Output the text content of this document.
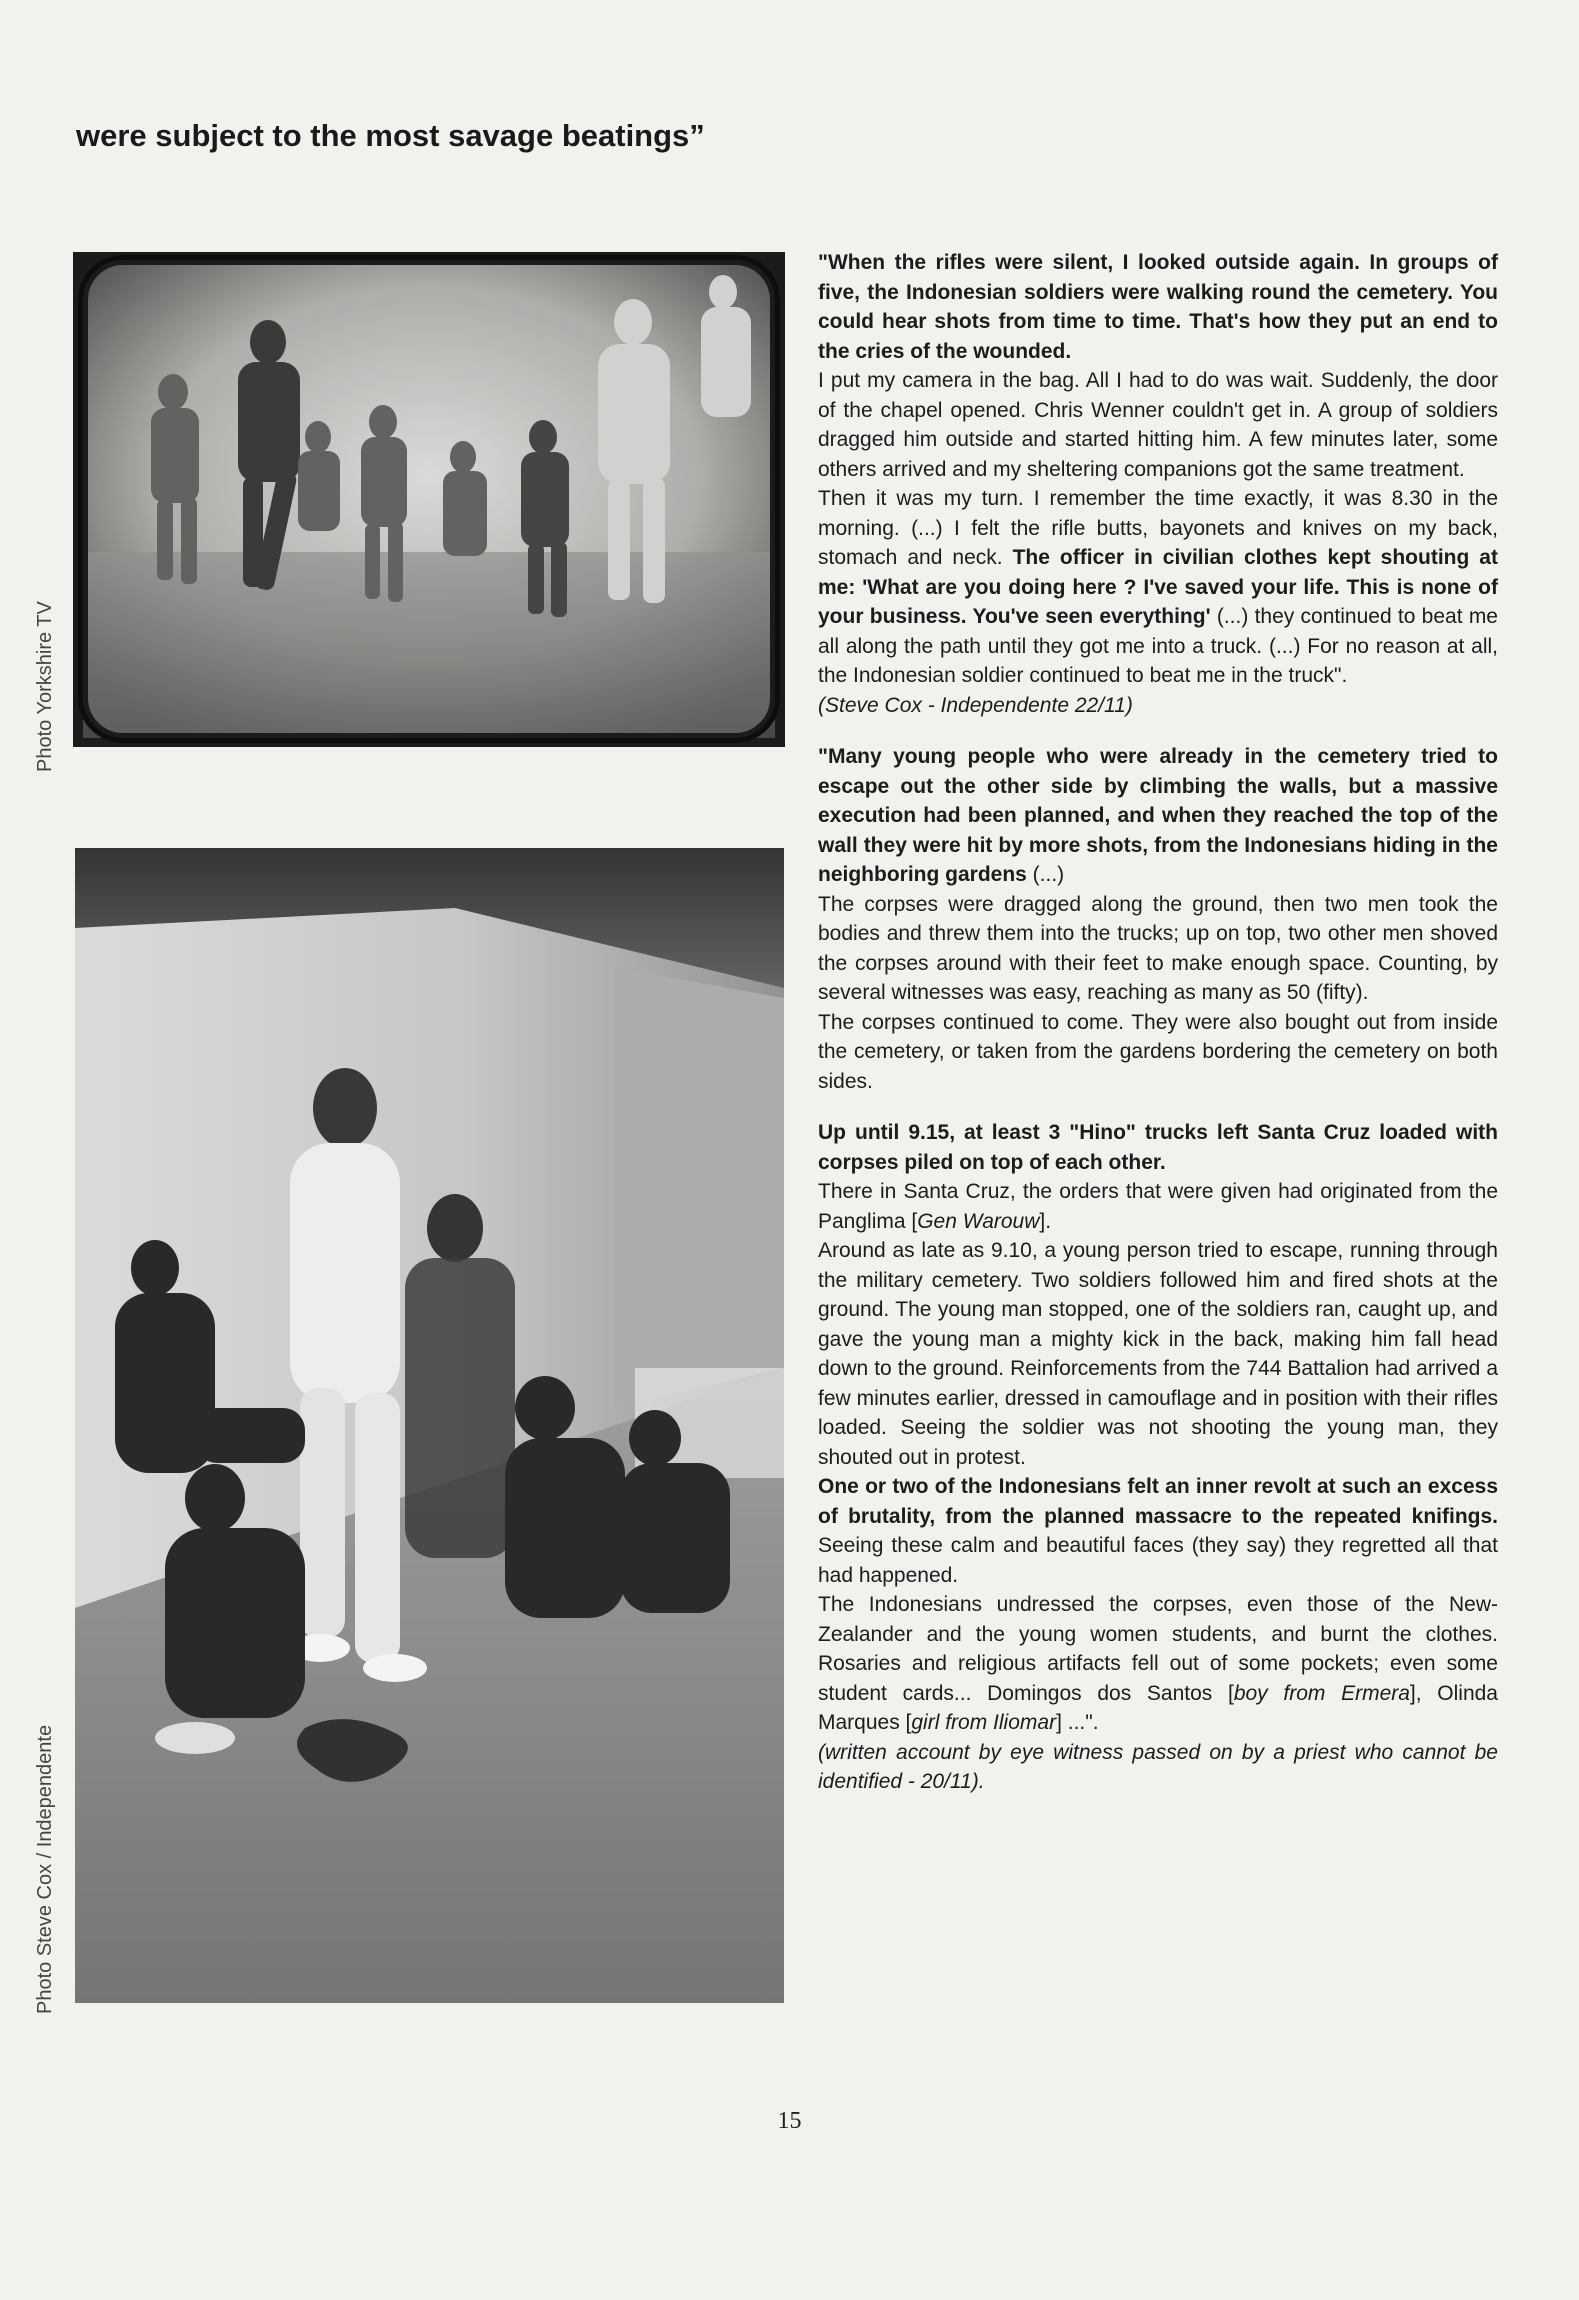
were subject to the most savage beatings”
Photo Yorkshire TV
Photo Steve Cox / Independente

"When the rifles were silent, I looked outside again. In groups of five, the Indonesian soldiers were walking round the cemetery. You could hear shots from time to time. That's how they put an end to the cries of the wounded.

I put my camera in the bag. All I had to do was wait. Suddenly, the door of the chapel opened. Chris Wenner couldn't get in. A group of soldiers dragged him outside and started hitting him. A few minutes later, some others arrived and my sheltering companions got the same treatment.

Then it was my turn. I remember the time exactly, it was 8.30 in the morning. (...) I felt the rifle butts, bayonets and knives on my back, stomach and neck. The officer in civilian clothes kept shouting at me: 'What are you doing here ? I've saved your life. This is none of your business. You've seen everything' (...) they continued to beat me all along the path until they got me into a truck. (...) For no reason at all, the Indonesian soldier continued to beat me in the truck".

(Steve Cox - Independente 22/11)

"Many young people who were already in the cemetery tried to escape out the other side by climbing the walls, but a massive execution had been planned, and when they reached the top of the wall they were hit by more shots, from the Indonesians hiding in the neighboring gardens (...)

The corpses were dragged along the ground, then two men took the bodies and threw them into the trucks; up on top, two other men shoved the corpses around with their feet to make enough space. Counting, by several witnesses was easy, reaching as many as 50 (fifty).

The corpses continued to come. They were also bought out from inside the cemetery, or taken from the gardens bordering the cemetery on both sides.

Up until 9.15, at least 3 "Hino" trucks left Santa Cruz loaded with corpses piled on top of each other.

There in Santa Cruz, the orders that were given had originated from the Panglima [Gen Warouw].

Around as late as 9.10, a young person tried to escape, running through the military cemetery. Two soldiers followed him and fired shots at the ground. The young man stopped, one of the soldiers ran, caught up, and gave the young man a mighty kick in the back, making him fall head down to the ground. Reinforcements from the 744 Battalion had arrived a few minutes earlier, dressed in camouflage and in position with their rifles loaded. Seeing the soldier was not shooting the young man, they shouted out in protest.

One or two of the Indonesians felt an inner revolt at such an excess of brutality, from the planned massacre to the repeated knifings. Seeing these calm and beautiful faces (they say) they regretted all that had happened.

The Indonesians undressed the corpses, even those of the New-Zealander and the young women students, and burnt the clothes. Rosaries and religious artifacts fell out of some pockets; even some student cards... Domingos dos Santos [boy from Ermera], Olinda Marques [girl from Iliomar] ...".

(written account by eye witness passed on by a priest who cannot be identified - 20/11).

15
